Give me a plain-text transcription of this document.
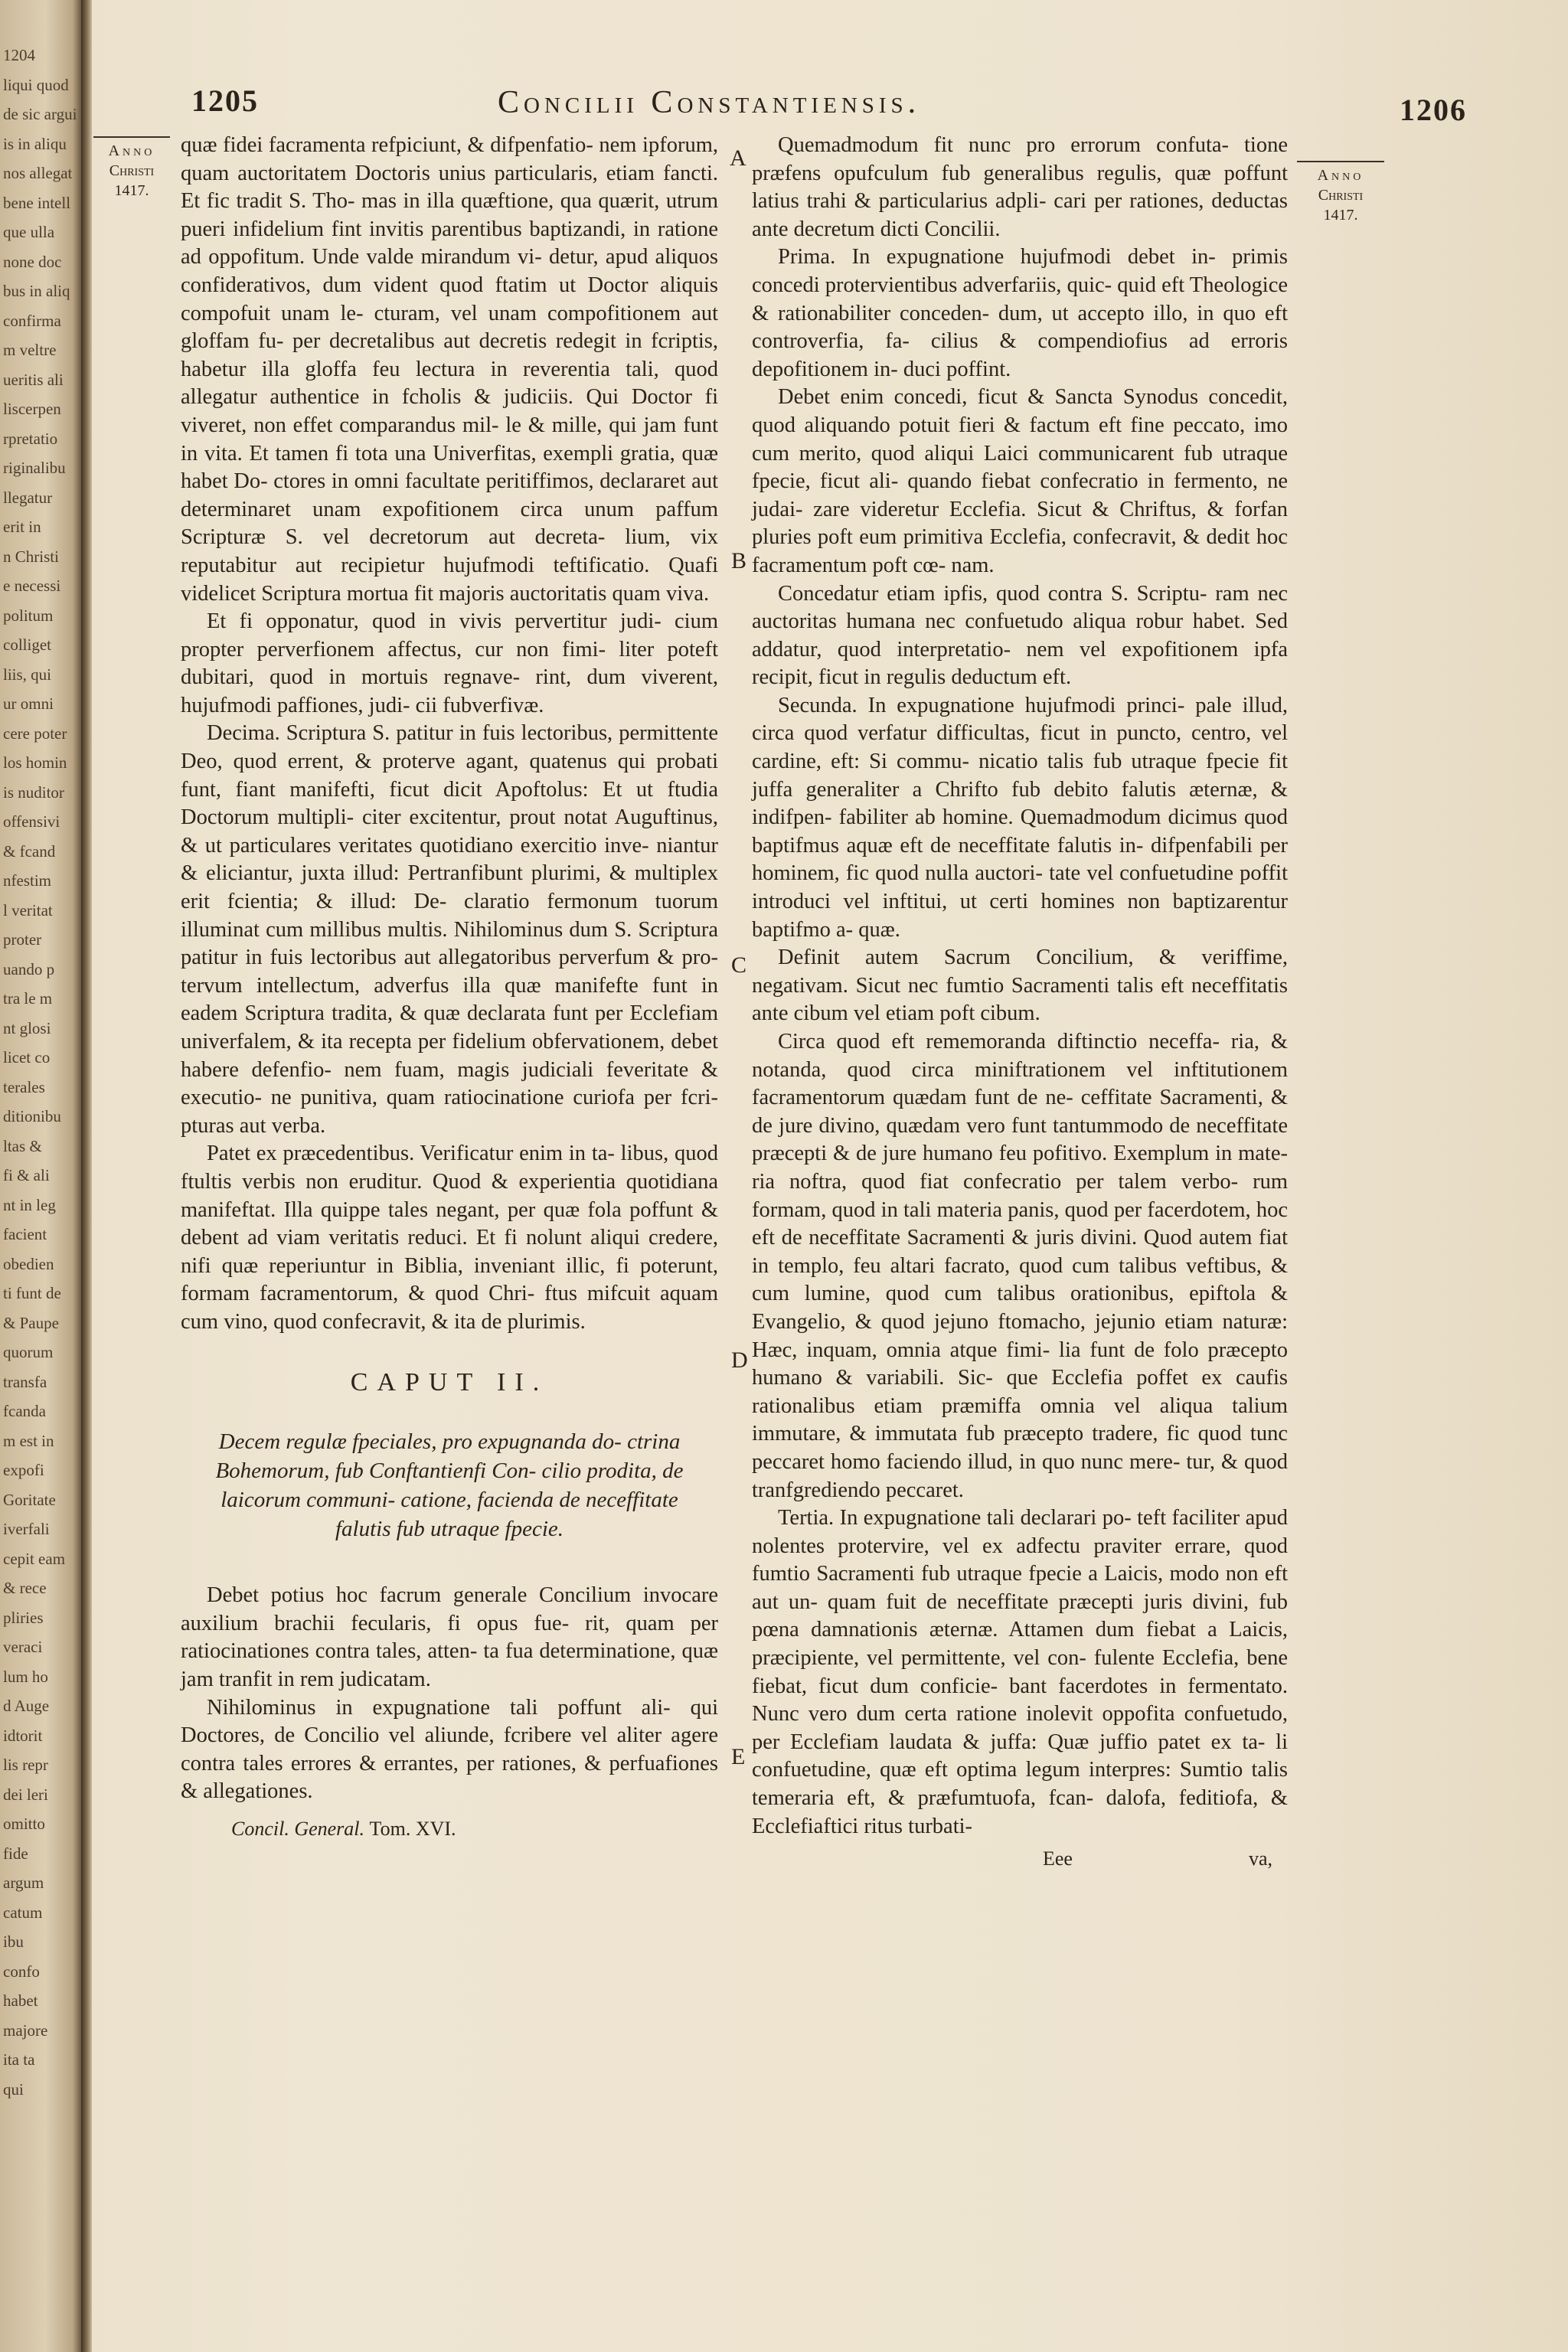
1204
liqui quod
de sic argui
is in aliqu
nos allegat
bene intell
que ulla
none doc
bus in aliq
confirma
m veltre
ueritis ali
liscerpen
rpretatio
riginalibu
llegatur
erit in
n Christi
e necessi
politum
colliget
liis, qui
ur omni
cere poter
los homin
is nuditor
offensivi
& fcand
nfestim
l veritat
proter
uando p
tra le m
nt glosi
licet co
terales
ditionibu
ltas &
fi & ali
nt in leg
facient
obedien
ti funt de
& Paupe
quorum
transfa
fcanda
m est in
expofi
Goritate
iverfali
cepit eam
& rece
pliries
veraci
lum ho
d Auge
idtorit
lis repr
dei leri
omitto
fide
argum
catum
ibu
confo
habet
majore
ita ta
qui
1205	Concilii Constantiensis.	1206
Anno
Christi
1417.
Anno
Christi
1417.
A
B
C
D
E

quæ fidei facramenta refpiciunt, & difpenfatio- nem ipforum, quam auctoritatem Doctoris unius particularis, etiam fancti. Et fic tradit S. Tho- mas in illa quæftione, qua quærit, utrum pueri infidelium fint invitis parentibus baptizandi, in ratione ad oppofitum. Unde valde mirandum vi- detur, apud aliquos confiderativos, dum vident quod ftatim ut Doctor aliquis compofuit unam le- cturam, vel unam compofitionem aut gloffam fu- per decretalibus aut decretis redegit in fcriptis, habetur illa gloffa feu lectura in reverentia tali, quod allegatur authentice in fcholis & judiciis. Qui Doctor fi viveret, non effet comparandus mil- le & mille, qui jam funt in vita. Et tamen fi tota una Univerfitas, exempli gratia, quæ habet Do- ctores in omni facultate peritiffimos, declararet aut determinaret unam expofitionem circa unum paffum Scripturæ S. vel decretorum aut decreta- lium, vix reputabitur aut recipietur hujufmodi teftificatio. Quafi videlicet Scriptura mortua fit majoris auctoritatis quam viva.

Et fi opponatur, quod in vivis pervertitur judi- cium propter perverfionem affectus, cur non fimi- liter poteft dubitari, quod in mortuis regnave- rint, dum viverent, hujufmodi paffiones, judi- cii fubverfivæ.

Decima. Scriptura S. patitur in fuis lectoribus, permittente Deo, quod errent, & proterve agant, quatenus qui probati funt, fiant manifefti, ficut dicit Apoftolus: Et ut ftudia Doctorum multipli- citer excitentur, prout notat Auguftinus, & ut particulares veritates quotidiano exercitio inve- niantur & eliciantur, juxta illud: Pertranfibunt plurimi, & multiplex erit fcientia; & illud: De- claratio fermonum tuorum illuminat cum millibus multis. Nihilominus dum S. Scriptura patitur in fuis lectoribus aut allegatoribus perverfum & pro- tervum intellectum, adverfus illa quæ manifefte funt in eadem Scriptura tradita, & quæ declarata funt per Ecclefiam univerfalem, & ita recepta per fidelium obfervationem, debet habere defenfio- nem fuam, magis judiciali feveritate & executio- ne punitiva, quam ratiocinatione curiofa per fcri- pturas aut verba.

Patet ex præcedentibus. Verificatur enim in ta- libus, quod ftultis verbis non eruditur. Quod & experientia quotidiana manifeftat. Illa quippe tales negant, per quæ fola poffunt & debent ad viam veritatis reduci. Et fi nolunt aliqui credere, nifi quæ reperiuntur in Biblia, inveniant illic, fi poterunt, formam facramentorum, & quod Chri- ftus mifcuit aquam cum vino, quod confecravit, & ita de plurimis.

CAPUT II.
Decem regulæ fpeciales, pro expugnanda do- ctrina Bohemorum, fub Conftantienfi Con- cilio prodita, de laicorum communi- catione, facienda de neceffitate falutis fub utraque fpecie.

Debet potius hoc facrum generale Concilium invocare auxilium brachii fecularis, fi opus fue- rit, quam per ratiocinationes contra tales, atten- ta fua determinatione, quæ jam tranfit in rem judicatam.

Nihilominus in expugnatione tali poffunt ali- qui Doctores, de Concilio vel aliunde, fcribere vel aliter agere contra tales errores & errantes, per rationes, & perfuafiones & allegationes.

Concil. General. Tom. XVI.

Quemadmodum fit nunc pro errorum confuta- tione præfens opufculum fub generalibus regulis, quæ poffunt latius trahi & particularius adpli- cari per rationes, deductas ante decretum dicti Concilii.

Prima. In expugnatione hujufmodi debet in- primis concedi protervientibus adverfariis, quic- quid eft Theologice & rationabiliter conceden- dum, ut accepto illo, in quo eft controverfia, fa- cilius & compendiofius ad erroris depofitionem in- duci poffint.

Debet enim concedi, ficut & Sancta Synodus concedit, quod aliquando potuit fieri & factum eft fine peccato, imo cum merito, quod aliqui Laici communicarent fub utraque fpecie, ficut ali- quando fiebat confecratio in fermento, ne judai- zare videretur Ecclefia. Sicut & Chriftus, & forfan pluries poft eum primitiva Ecclefia, confecravit, & dedit hoc facramentum poft cœ- nam.

Concedatur etiam ipfis, quod contra S. Scriptu- ram nec auctoritas humana nec confuetudo aliqua robur habet. Sed addatur, quod interpretatio- nem vel expofitionem ipfa recipit, ficut in regulis deductum eft.

Secunda. In expugnatione hujufmodi princi- pale illud, circa quod verfatur difficultas, ficut in puncto, centro, vel cardine, eft: Si commu- nicatio talis fub utraque fpecie fit juffa generaliter a Chrifto fub debito falutis æternæ, & indifpen- fabiliter ab homine. Quemadmodum dicimus quod baptifmus aquæ eft de neceffitate falutis in- difpenfabili per hominem, fic quod nulla auctori- tate vel confuetudine poffit introduci vel inftitui, ut certi homines non baptizarentur baptifmo a- quæ.

Definit autem Sacrum Concilium, & veriffime, negativam. Sicut nec fumtio Sacramenti talis eft neceffitatis ante cibum vel etiam poft cibum.

Circa quod eft rememoranda diftinctio neceffa- ria, & notanda, quod circa miniftrationem vel inftitutionem facramentorum quædam funt de ne- ceffitate Sacramenti, & de jure divino, quædam vero funt tantummodo de neceffitate præcepti & de jure humano feu pofitivo. Exemplum in mate- ria noftra, quod fiat confecratio per talem verbo- rum formam, quod in tali materia panis, quod per facerdotem, hoc eft de neceffitate Sacramenti & juris divini. Quod autem fiat in templo, feu altari facrato, quod cum talibus veftibus, & cum lumine, quod cum talibus orationibus, epiftola & Evangelio, & quod jejuno ftomacho, jejunio etiam naturæ: Hæc, inquam, omnia atque fimi- lia funt de folo præcepto humano & variabili. Sic- que Ecclefia poffet ex caufis rationalibus etiam præmiffa omnia vel aliqua talium immutare, & immutata fub præcepto tradere, fic quod tunc peccaret homo faciendo illud, in quo nunc mere- tur, & quod tranfgrediendo peccaret.

Tertia. In expugnatione tali declarari po- teft faciliter apud nolentes protervire, vel ex adfectu praviter errare, quod fumtio Sacramenti fub utraque fpecie a Laicis, modo non eft aut un- quam fuit de neceffitate præcepti juris divini, fub pœna damnationis æternæ. Attamen dum fiebat a Laicis, præcipiente, vel permittente, vel con- fulente Ecclefia, bene fiebat, ficut dum conficie- bant facerdotes in fermentato. Nunc vero dum certa ratione inolevit oppofita confuetudo, per Ecclefiam laudata & juffa: Quæ juffio patet ex ta- li confuetudine, quæ eft optima legum interpres: Sumtio talis temeraria eft, & præfumtuofa, fcan- dalofa, feditiofa, & Ecclefiaftici ritus turbati-

Eee	va,
